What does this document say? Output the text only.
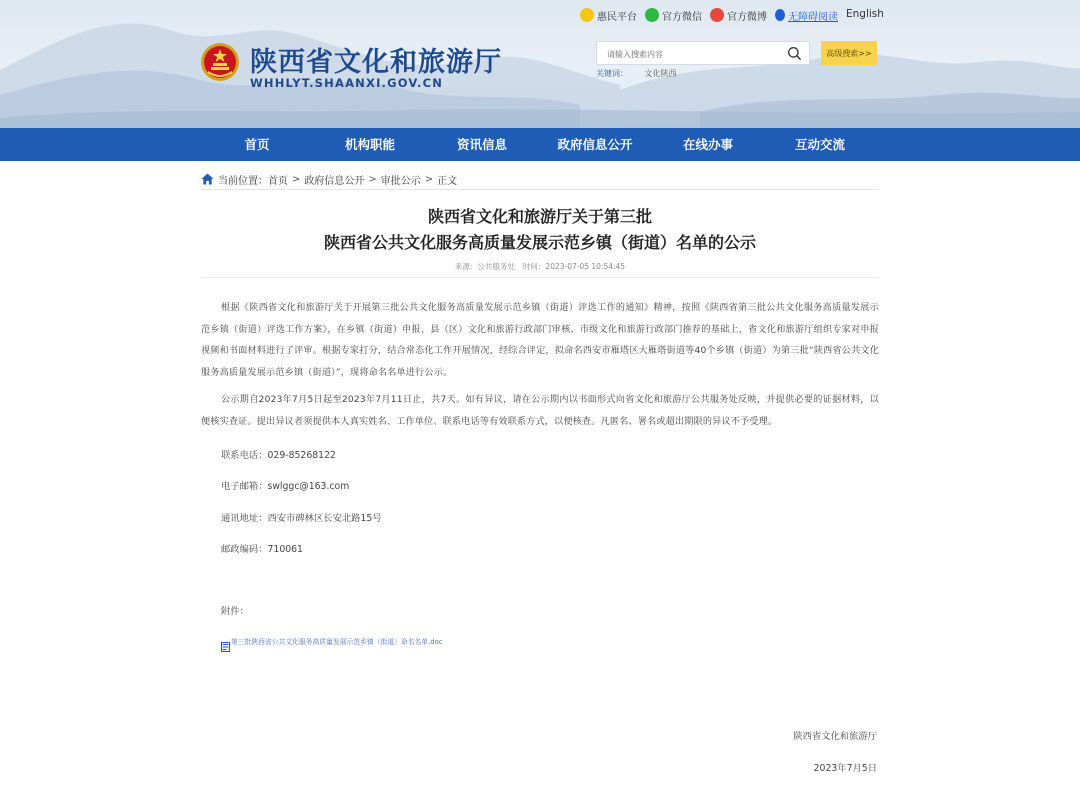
陕西省文化和旅游厅
WHHLYT.SHAANXI.GOV.CN
惠民平台	官方微信	官方微博 无障碍阅读 English
请输入搜索内容
高级搜索>>
关键词： 文化陕西
首页	机构职能	资讯信息	政府信息公开	在线办事	互动交流
当前位置： 首页 > 政府信息公开 > 审批公示 > 正文
陕西省文化和旅游厅关于第三批
陕西省公共文化服务高质量发展示范乡镇（街道）名单的公示
来源：公共服务处 时间：2023-07-05 10:54:45
根据《陕西省文化和旅游厅关于开展第三批公共文化服务高质量发展示范乡镇（街道）评选工作的通知》精神，按照《陕西省第三批公共文化服务高质量发展示范乡镇（街道）评选工作方案》，在乡镇（街道）申报、县（区）文化和旅游行政部门审核、市级文化和旅游行政部门推荐的基础上，省文化和旅游厅组织专家对申报视频和书面材料进行了评审。根据专家打分，结合常态化工作开展情况，经综合评定，拟命名西安市雁塔区大雁塔街道等40个乡镇（街道）为第三批“陕西省公共文化服务高质量发展示范乡镇（街道）”，现将命名名单进行公示。
公示期自2023年7月5日起至2023年7月11日止，共7天。如有异议，请在公示期内以书面形式向省文化和旅游厅公共服务处反映，并提供必要的证据材料，以便核实查证。提出异议者须提供本人真实姓名、工作单位、联系电话等有效联系方式，以便核查。凡匿名、署名或超出期限的异议不予受理。
联系电话：029-85268122
电子邮箱：swlggc@163.com
通讯地址：西安市碑林区长安北路15号
邮政编码：710061
附件：
第三批陕西省公共文化服务高质量发展示范乡镇（街道）命名名单.doc
陕西省文化和旅游厅
2023年7月5日
